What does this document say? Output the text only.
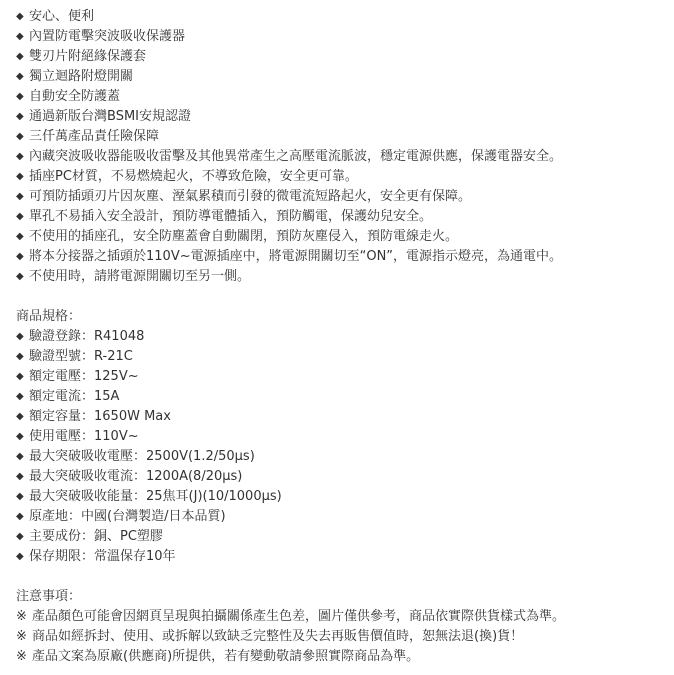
◆ 安心、便利
◆ 內置防電擊突波吸收保護器
◆ 雙刃片附絕緣保護套
◆ 獨立迴路附燈開關
◆ 自動安全防護蓋
◆ 通過新版台灣BSMI安規認證
◆ 三仟萬產品責任險保障
◆ 內藏突波吸收器能吸收雷擊及其他異常產生之高壓電流脈波，穩定電源供應，保護電器安全。
◆ 插座PC材質，不易燃燒起火，不導致危險，安全更可靠。
◆ 可預防插頭刃片因灰塵、溼氣累積而引發的微電流短路起火，安全更有保障。
◆ 單孔不易插入安全設計，預防導電體插入，預防觸電，保護幼兒安全。
◆ 不使用的插座孔，安全防塵蓋會自動關閉，預防灰塵侵入，預防電線走火。
◆ 將本分接器之插頭於110V~電源插座中，將電源開關切至“ON”，電源指示燈亮，為通電中。
◆ 不使用時，請將電源開關切至另一側。
商品規格：
◆ 驗證登錄：R41048
◆ 驗證型號：R-21C
◆ 額定電壓：125V~
◆ 額定電流：15A
◆ 額定容量：1650W Max
◆ 使用電壓：110V~
◆ 最大突破吸收電壓：2500V(1.2/50μs)
◆ 最大突破吸收電流：1200A(8/20μs)
◆ 最大突破吸收能量：25焦耳(J)(10/1000μs)
◆ 原產地：中國(台灣製造/日本品質)
◆ 主要成份：銅、PC塑膠
◆ 保存期限：常溫保存10年
注意事項：
※ 產品顏色可能會因網頁呈現與拍攝關係產生色差，圖片僅供參考，商品依實際供貨樣式為準。
※ 商品如經拆封、使用、或拆解以致缺乏完整性及失去再販售價值時，恕無法退(換)貨！
※ 產品文案為原廠(供應商)所提供，若有變動敬請參照實際商品為準。
